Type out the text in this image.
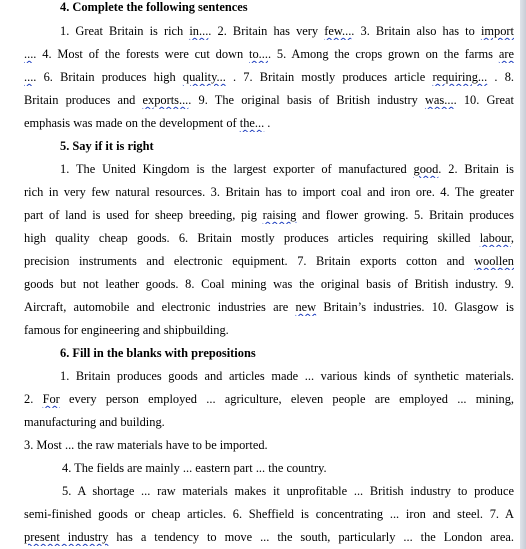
4. Complete the following sentences
1. Great Britain is rich in.... 2. Britain has very few.... 3. Britain also has to import
.... 4. Most of the forests were cut down to.... 5. Among the crops grown on the farms are
.... 6. Britain produces high quality... . 7. Britain mostly produces article requiring... . 8.
Britain produces and exports.... 9. The original basis of British industry was.... 10. Great
emphasis was made on the development of the... .
5. Say if it is right
1. The United Kingdom is the largest exporter of manufactured good. 2. Britain is
rich in very few natural resources. 3. Britain has to import coal and iron ore. 4. The greater
part of land is used for sheep breeding, pig raising and flower growing. 5. Britain produces
high quality cheap goods. 6. Britain mostly produces articles requiring skilled labour,
precision instruments and electronic equipment. 7. Britain exports cotton and woollen
goods but not leather goods. 8. Coal mining was the original basis of British industry. 9.
Aircraft, automobile and electronic industries are new Britain’s industries. 10. Glasgow is
famous for engineering and shipbuilding.
6. Fill in the blanks with prepositions
1. Britain produces goods and articles made ... various kinds of synthetic materials.
2. For every person employed ... agriculture, eleven people are employed ... mining,
manufacturing and building.
3. Most ... the raw materials have to be imported.
4. The fields are mainly ... eastern part ... the country.
5. A shortage ... raw materials makes it unprofitable ... British industry to produce
semi-finished goods or cheap articles. 6. Sheffield is concentrating ... iron and steel. 7. A
present industry has a tendency to move ... the south, particularly ... the London area.
